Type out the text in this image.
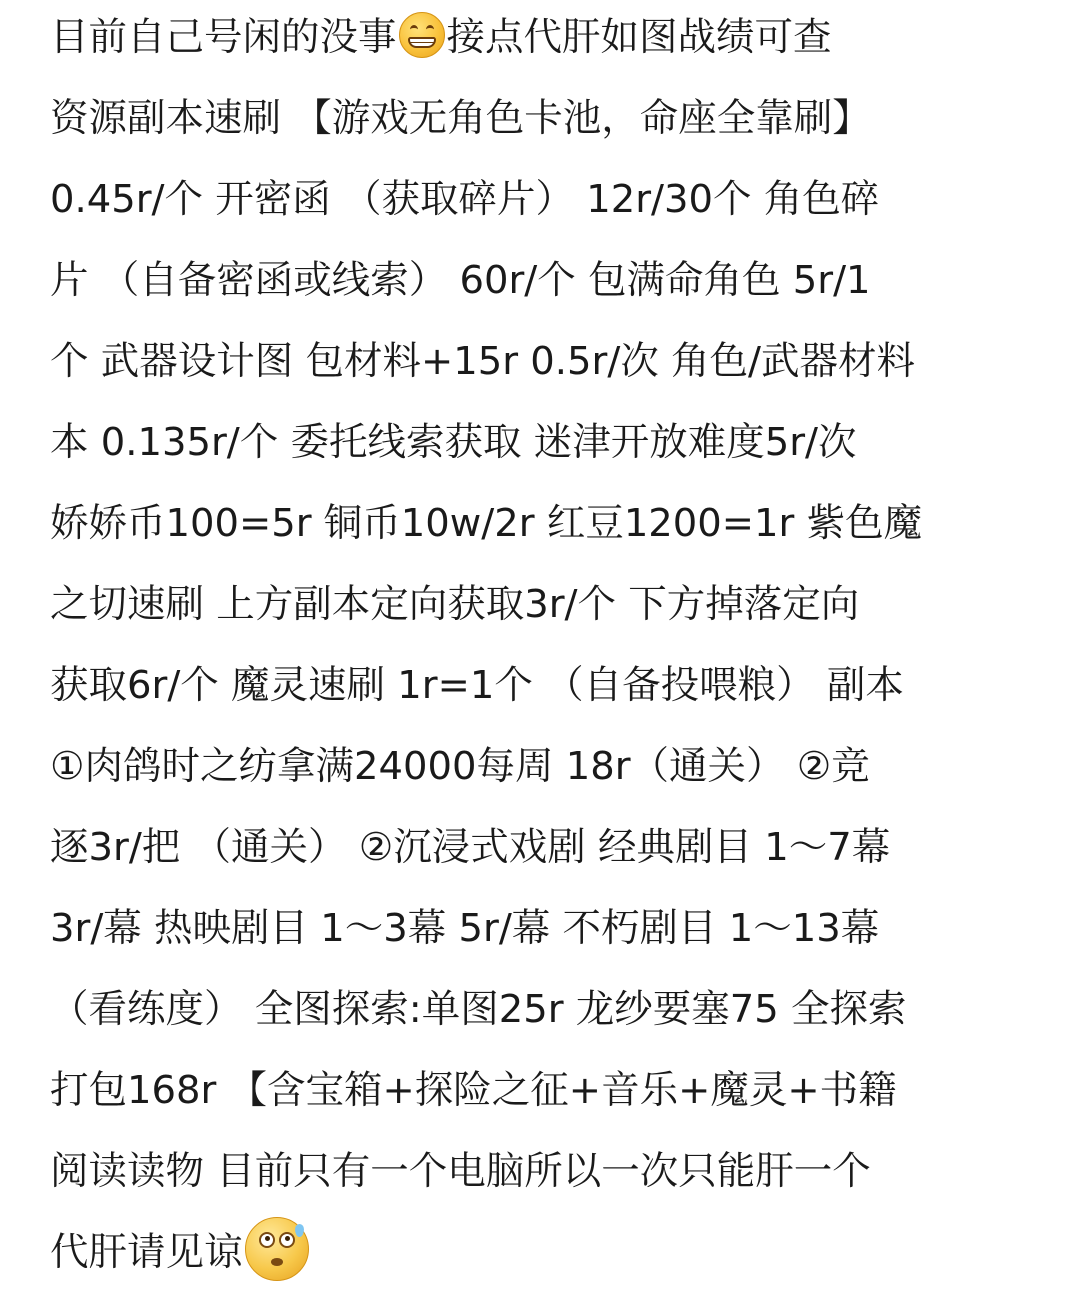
目前自己号闲的没事 接点代肝如图战绩可查
资源副本速刷 【游戏无角色卡池，命座全靠刷】
0.45r/个 开密函 （获取碎片） 12r/30个 角色碎
片 （自备密函或线索） 60r/个 包满命角色 5r/1
个 武器设计图 包材料+15r 0.5r/次 角色/武器材料
本 0.135r/个 委托线索获取 迷津开放难度5r/次
娇娇币100=5r 铜币10w/2r 红豆1200=1r 紫色魔
之切速刷 上方副本定向获取3r/个 下方掉落定向
获取6r/个 魔灵速刷 1r=1个 （自备投喂粮） 副本
①肉鸽时之纺拿满24000每周 18r（通关） ②竞
逐3r/把 （通关） ②沉浸式戏剧 经典剧目 1～7幕
3r/幕 热映剧目 1～3幕 5r/幕 不朽剧目 1～13幕
（看练度） 全图探索:单图25r 龙纱要塞75 全探索
打包168r 【含宝箱+探险之征+音乐+魔灵+书籍
阅读读物 目前只有一个电脑所以一次只能肝一个
代肝请见谅
